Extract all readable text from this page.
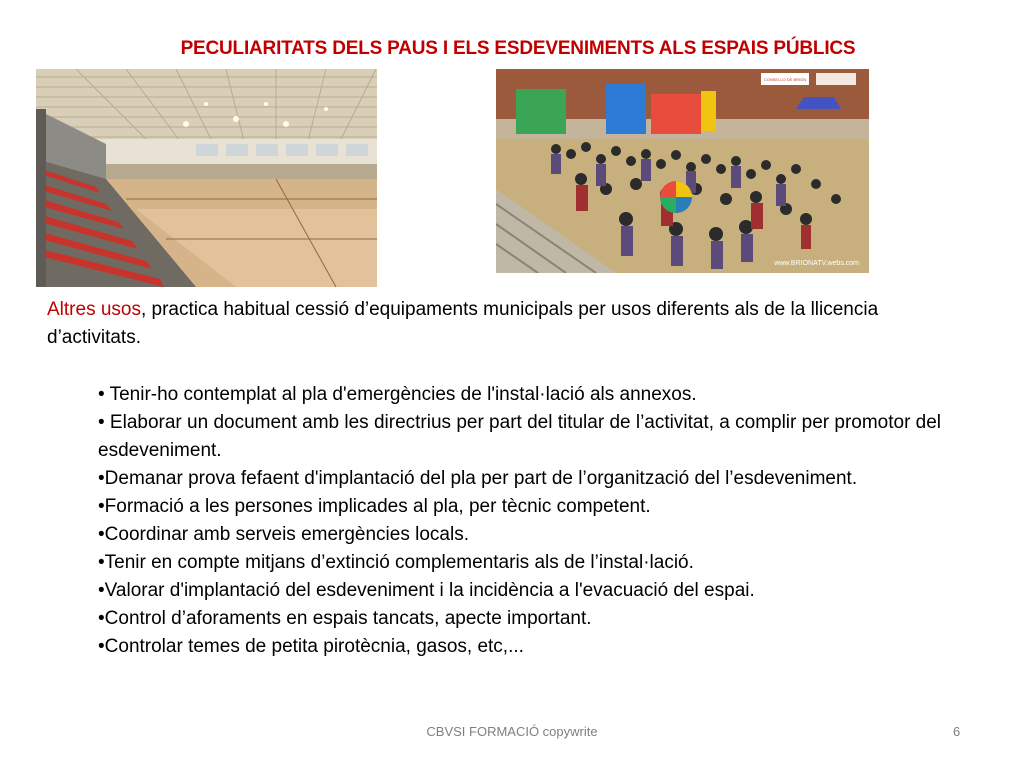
PECULIARITATS DELS PAUS I ELS ESDEVENIMENTS ALS ESPAIS PÚBLICS
CONSELLO DE BRIÓN
www.BRIONATV.webs.com
Altres usos, practica habitual cessió d’equipaments municipals per usos diferents als de la llicencia d’activitats.
• Tenir-ho contemplat al pla d'emergències de l'instal·lació als annexos.
• Elaborar un document amb les directrius per part del titular de l’activitat, a complir per promotor del esdeveniment.
•Demanar prova fefaent d'implantació del pla per part de l’organització del l’esdeveniment.
•Formació a les persones implicades al pla, per tècnic competent.
•Coordinar amb serveis emergències locals.
•Tenir en compte mitjans d’extinció complementaris als de l’instal·lació.
•Valorar d'implantació del esdeveniment i la incidència a l'evacuació del espai.
•Control d’aforaments en espais tancats, apecte important.
•Controlar temes de petita pirotècnia, gasos, etc,...
CBVSI FORMACIÓ copywrite	6
